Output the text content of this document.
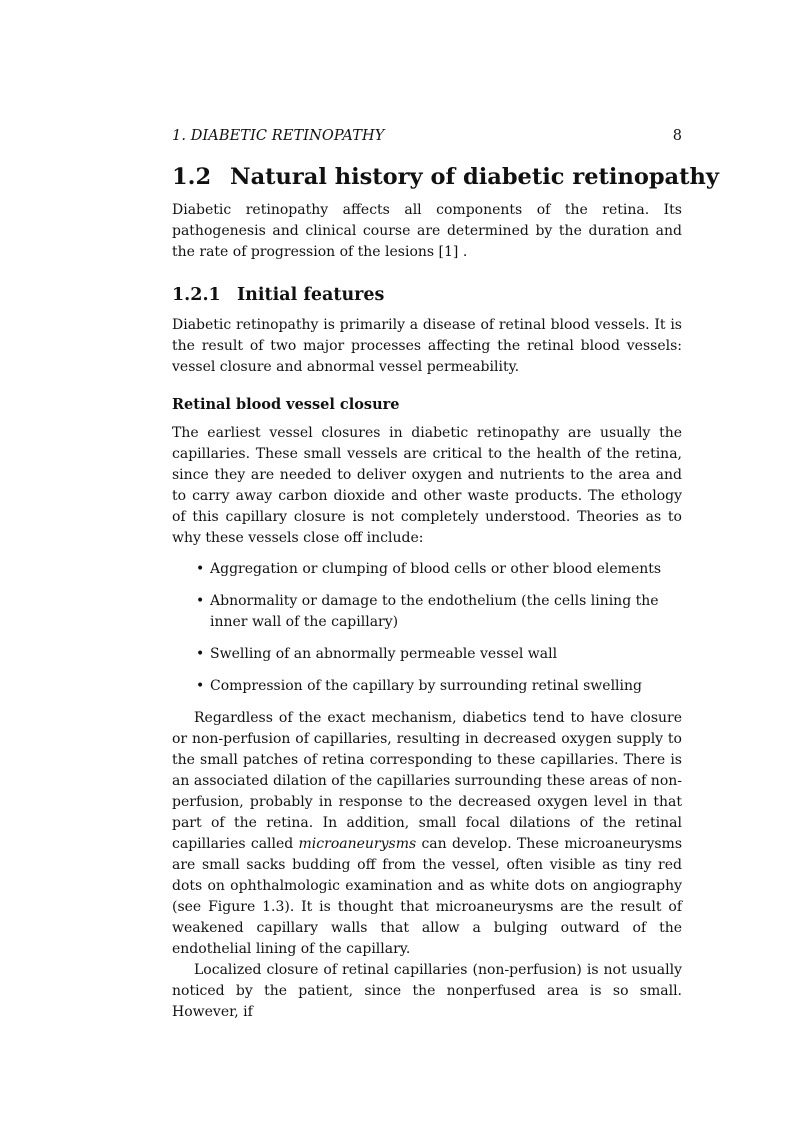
1. DIABETIC RETINOPATHY	8
1.2 Natural history of diabetic retinopathy

Diabetic retinopathy affects all components of the retina. Its pathogenesis and clinical course are determined by the duration and the rate of progression of the lesions [1] .

1.2.1 Initial features

Diabetic retinopathy is primarily a disease of retinal blood vessels. It is the result of two major processes affecting the retinal blood vessels: vessel closure and abnormal vessel permeability.

Retinal blood vessel closure

The earliest vessel closures in diabetic retinopathy are usually the capillaries. These small vessels are critical to the health of the retina, since they are needed to deliver oxygen and nutrients to the area and to carry away carbon dioxide and other waste products. The ethology of this capillary closure is not completely understood. Theories as to why these vessels close off include:

• Aggregation or clumping of blood cells or other blood elements
• Abnormality or damage to the endothelium (the cells lining the inner wall of the capillary)
• Swelling of an abnormally permeable vessel wall
• Compression of the capillary by surrounding retinal swelling

Regardless of the exact mechanism, diabetics tend to have closure or non-perfusion of capillaries, resulting in decreased oxygen supply to the small patches of retina corresponding to these capillaries. There is an associated dilation of the capillaries surrounding these areas of non-perfusion, probably in response to the decreased oxygen level in that part of the retina. In addition, small focal dilations of the retinal capillaries called microaneurysms can develop. These microaneurysms are small sacks budding off from the vessel, often visible as tiny red dots on ophthalmologic examination and as white dots on angiography (see Figure 1.3). It is thought that microaneurysms are the result of weakened capillary walls that allow a bulging outward of the endothelial lining of the capillary.

Localized closure of retinal capillaries (non-perfusion) is not usually noticed by the patient, since the nonperfused area is so small. However, if
